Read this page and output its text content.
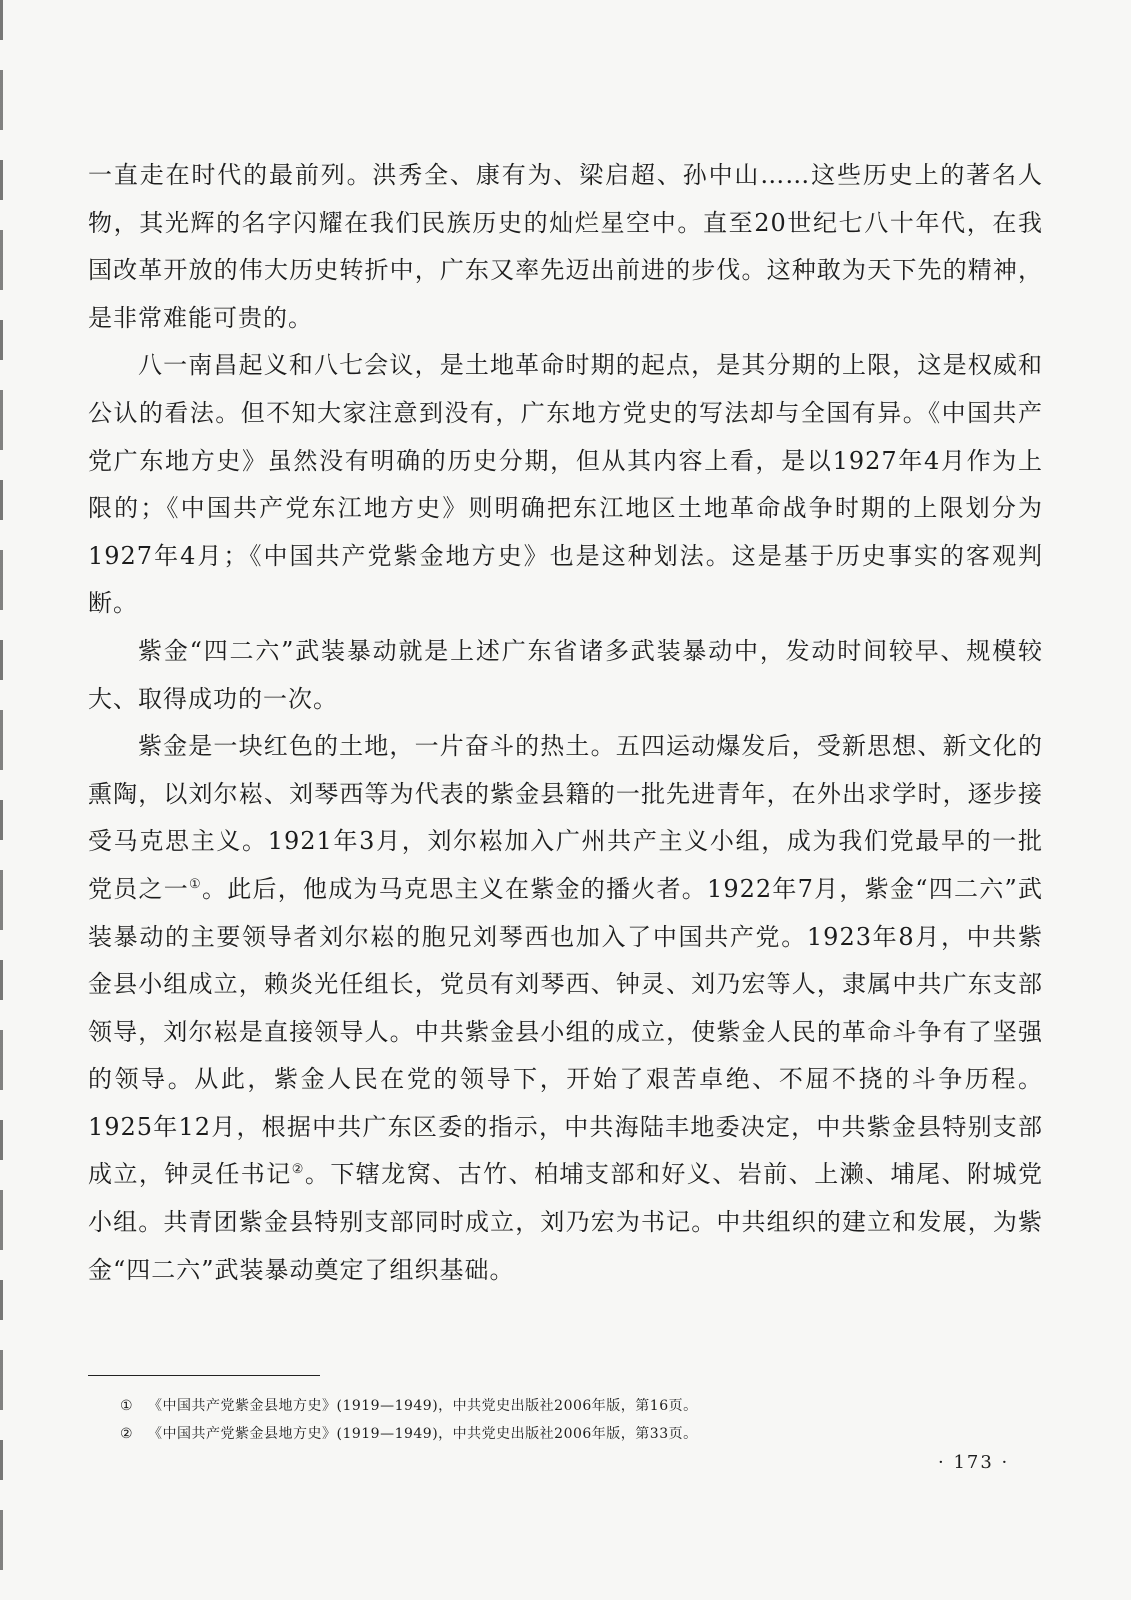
一直走在时代的最前列。洪秀全、康有为、梁启超、孙中山……这些历史上的著名人物，其光辉的名字闪耀在我们民族历史的灿烂星空中。直至20世纪七八十年代，在我国改革开放的伟大历史转折中，广东又率先迈出前进的步伐。这种敢为天下先的精神，是非常难能可贵的。

八一南昌起义和八七会议，是土地革命时期的起点，是其分期的上限，这是权威和公认的看法。但不知大家注意到没有，广东地方党史的写法却与全国有异。《中国共产党广东地方史》虽然没有明确的历史分期，但从其内容上看，是以1927年4月作为上限的；《中国共产党东江地方史》则明确把东江地区土地革命战争时期的上限划分为1927年4月；《中国共产党紫金地方史》也是这种划法。这是基于历史事实的客观判断。

紫金“四二六”武装暴动就是上述广东省诸多武装暴动中，发动时间较早、规模较大、取得成功的一次。

紫金是一块红色的土地，一片奋斗的热土。五四运动爆发后，受新思想、新文化的熏陶，以刘尔崧、刘琴西等为代表的紫金县籍的一批先进青年，在外出求学时，逐步接受马克思主义。1921年3月，刘尔崧加入广州共产主义小组，成为我们党最早的一批党员之一①。此后，他成为马克思主义在紫金的播火者。1922年7月，紫金“四二六”武装暴动的主要领导者刘尔崧的胞兄刘琴西也加入了中国共产党。1923年8月，中共紫金县小组成立，赖炎光任组长，党员有刘琴西、钟灵、刘乃宏等人，隶属中共广东支部领导，刘尔崧是直接领导人。中共紫金县小组的成立，使紫金人民的革命斗争有了坚强的领导。从此，紫金人民在党的领导下，开始了艰苦卓绝、不屈不挠的斗争历程。1925年12月，根据中共广东区委的指示，中共海陆丰地委决定，中共紫金县特别支部成立，钟灵任书记②。下辖龙窝、古竹、柏埔支部和好义、岩前、上濑、埔尾、附城党小组。共青团紫金县特别支部同时成立，刘乃宏为书记。中共组织的建立和发展，为紫金“四二六”武装暴动奠定了组织基础。

① 《中国共产党紫金县地方史》(1919—1949)，中共党史出版社2006年版，第16页。

② 《中国共产党紫金县地方史》(1919—1949)，中共党史出版社2006年版，第33页。

· 173 ·
